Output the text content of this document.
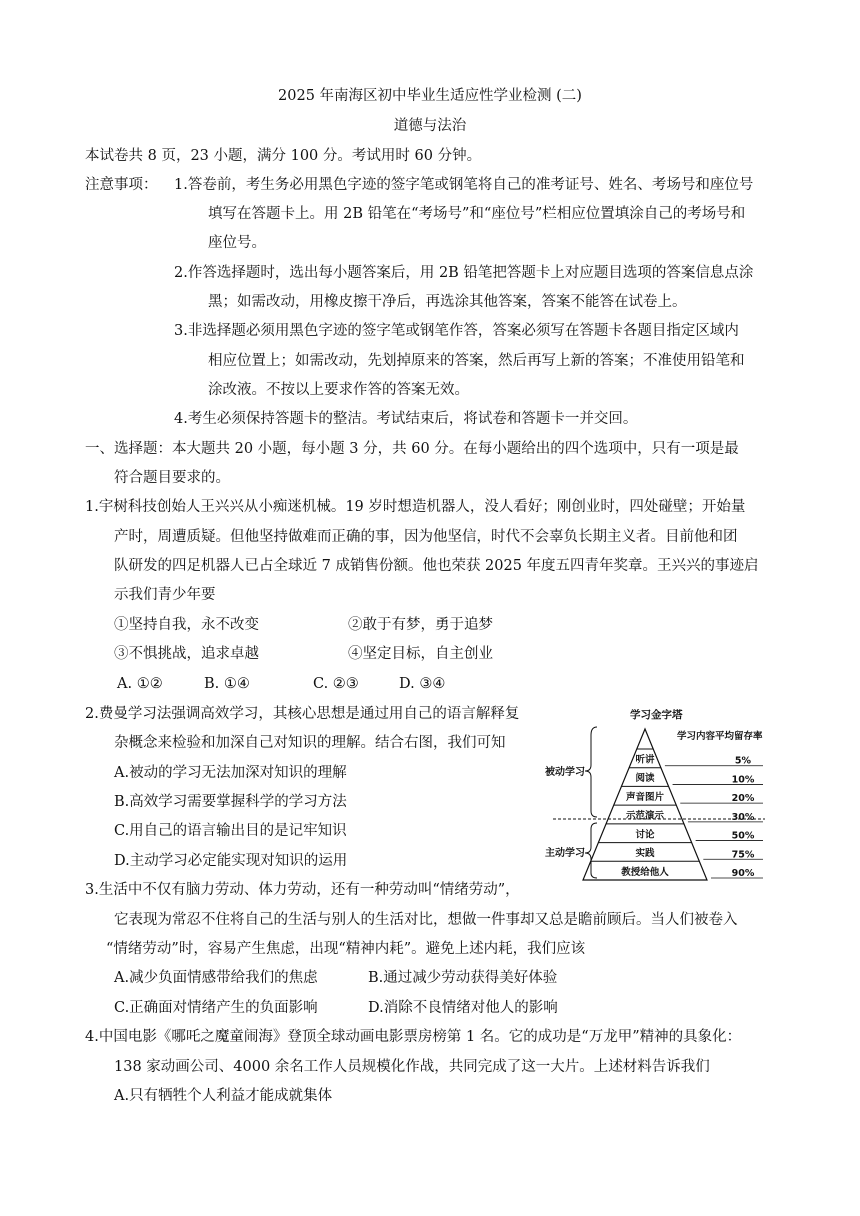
2025 年南海区初中毕业生适应性学业检测 (二)
道德与法治
本试卷共 8 页，23 小题，满分 100 分。考试用时 60 分钟。
注意事项： 1.答卷前，考生务必用黑色字迹的签字笔或钢笔将自己的准考证号、姓名、考场号和座位号
填写在答题卡上。用 2B 铅笔在“考场号”和“座位号”栏相应位置填涂自己的考场号和
座位号。
2.作答选择题时，选出每小题答案后，用 2B 铅笔把答题卡上对应题目选项的答案信息点涂
黑；如需改动，用橡皮擦干净后，再选涂其他答案，答案不能答在试卷上。
3.非选择题必须用黑色字迹的签字笔或钢笔作答，答案必须写在答题卡各题目指定区域内
相应位置上；如需改动，先划掉原来的答案，然后再写上新的答案；不准使用铅笔和
涂改液。不按以上要求作答的答案无效。
4.考生必须保持答题卡的整洁。考试结束后，将试卷和答题卡一并交回。
一、选择题：本大题共 20 小题，每小题 3 分，共 60 分。在每小题给出的四个选项中，只有一项是最
符合题目要求的。
1.宇树科技创始人王兴兴从小痴迷机械。19 岁时想造机器人，没人看好；刚创业时，四处碰壁；开始量
产时，周遭质疑。但他坚持做难而正确的事，因为他坚信，时代不会辜负长期主义者。目前他和团
队研发的四足机器人已占全球近 7 成销售份额。他也荣获 2025 年度五四青年奖章。王兴兴的事迹启
示我们青少年要
①坚持自我，永不改变	②敢于有梦，勇于追梦
③不惧挑战，追求卓越	④坚定目标，自主创业
A. ①②	B. ①④	C. ②③	D. ③④
2.费曼学习法强调高效学习，其核心思想是通过用自己的语言解释复
杂概念来检验和加深自己对知识的理解。结合右图，我们可知
A.被动的学习无法加深对知识的理解
B.高效学习需要掌握科学的学习方法
C.用自己的语言输出目的是记牢知识
D.主动学习必定能实现对知识的运用
学习金字塔
学习内容平均留存率
被动学习
主动学习
听讲	5%
阅读	10%
声音图片	20%
示范演示	30%
讨论	50%
实践	75%
教授给他人	90%
3.生活中不仅有脑力劳动、体力劳动，还有一种劳动叫“情绪劳动”，
它表现为常忍不住将自己的生活与别人的生活对比，想做一件事却又总是瞻前顾后。当人们被卷入
“情绪劳动”时，容易产生焦虑，出现“精神内耗”。避免上述内耗，我们应该
A.减少负面情感带给我们的焦虑	B.通过减少劳动获得美好体验
C.正确面对情绪产生的负面影响	D.消除不良情绪对他人的影响
4.中国电影《哪吒之魔童闹海》登顶全球动画电影票房榜第 1 名。它的成功是“万龙甲”精神的具象化：
138 家动画公司、4000 余名工作人员规模化作战，共同完成了这一大片。上述材料告诉我们
A.只有牺牲个人利益才能成就集体
